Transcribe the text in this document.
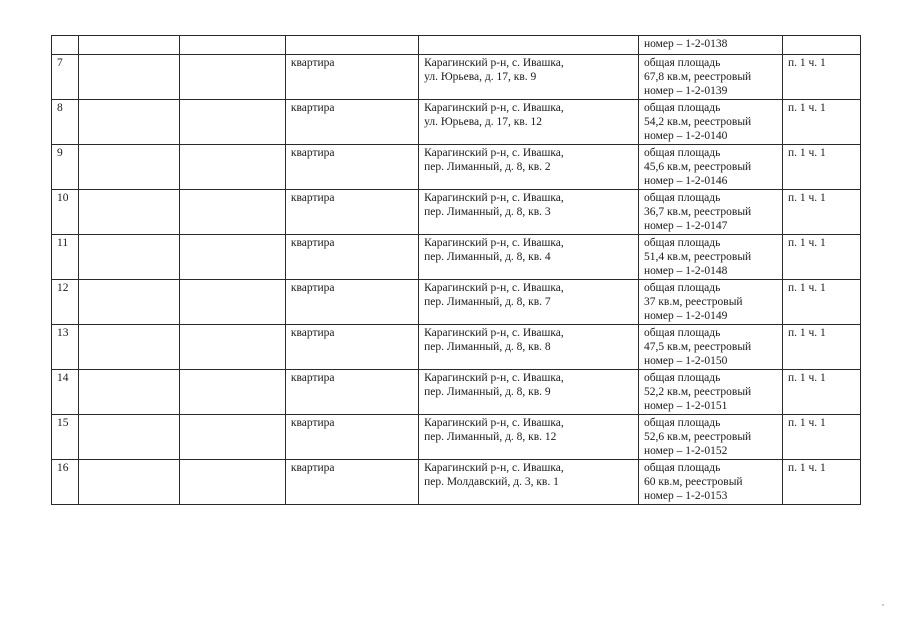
					номер – 1-2-0138	
7			квартира	Карагинский р-н, с. Ивашка,
ул. Юрьева, д. 17, кв. 9	общая площадь
67,8 кв.м, реестровый
номер – 1-2-0139	п. 1 ч. 1
8			квартира	Карагинский р-н, с. Ивашка,
ул. Юрьева, д. 17, кв. 12	общая площадь
54,2 кв.м, реестровый
номер – 1-2-0140	п. 1 ч. 1
9			квартира	Карагинский р-н, с. Ивашка,
пер. Лиманный, д. 8, кв. 2	общая площадь
45,6 кв.м, реестровый
номер – 1-2-0146	п. 1 ч. 1
10			квартира	Карагинский р-н, с. Ивашка,
пер. Лиманный, д. 8, кв. 3	общая площадь
36,7 кв.м, реестровый
номер – 1-2-0147	п. 1 ч. 1
11			квартира	Карагинский р-н, с. Ивашка,
пер. Лиманный, д. 8, кв. 4	общая площадь
51,4 кв.м, реестровый
номер – 1-2-0148	п. 1 ч. 1
12			квартира	Карагинский р-н, с. Ивашка,
пер. Лиманный, д. 8, кв. 7	общая площадь
37 кв.м, реестровый
номер – 1-2-0149	п. 1 ч. 1
13			квартира	Карагинский р-н, с. Ивашка,
пер. Лиманный, д. 8, кв. 8	общая площадь
47,5 кв.м, реестровый
номер – 1-2-0150	п. 1 ч. 1
14			квартира	Карагинский р-н, с. Ивашка,
пер. Лиманный, д. 8, кв. 9	общая площадь
52,2 кв.м, реестровый
номер – 1-2-0151	п. 1 ч. 1
15			квартира	Карагинский р-н, с. Ивашка,
пер. Лиманный, д. 8, кв. 12	общая площадь
52,6 кв.м, реестровый
номер – 1-2-0152	п. 1 ч. 1
16			квартира	Карагинский р-н, с. Ивашка,
пер. Молдавский, д. 3, кв. 1	общая площадь
60 кв.м, реестровый
номер – 1-2-0153	п. 1 ч. 1
